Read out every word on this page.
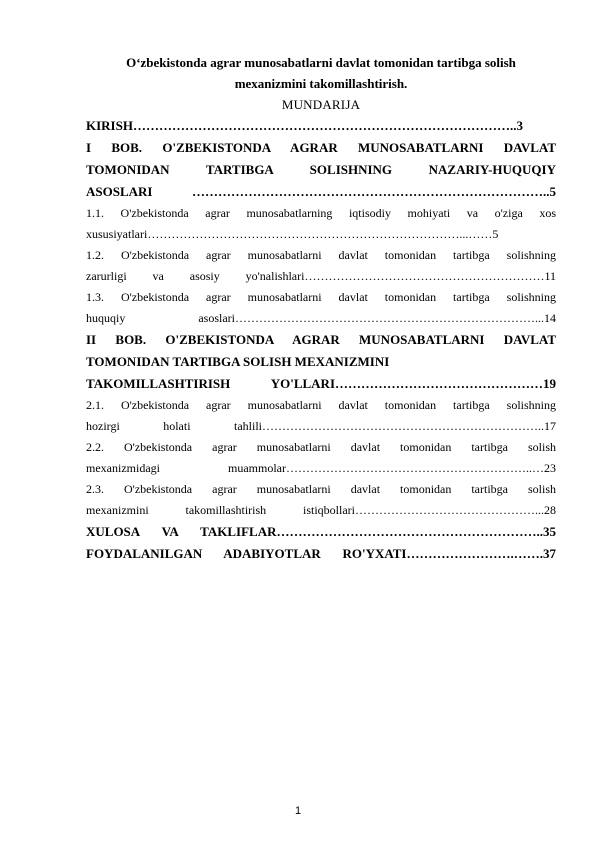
O‘zbekistonda agrar munosabatlarni davlat tomonidan tartibga solish
mexanizmini takomillashtirish.
MUNDARIJA
KIRISH……………………………………………………………………………..3
I BOB. O'ZBEKISTONDA AGRAR MUNOSABATLARNI DAVLAT
TOMONIDAN TARTIBGA SOLISHNING NAZARIY-HUQUQIY
ASOSLARI ………………………………………………………………………..5
1.1. O'zbekistonda agrar munosabatlarning iqtisodiy mohiyati va o'ziga xos
xususiyatlari……………………………………………………………………...……5
1.2. O'zbekistonda agrar munosabatlarni davlat tomonidan tartibga solishning
zarurligi va asosiy yo'nalishlari……………………………………………………11
1.3. O'zbekistonda agrar munosabatlarni davlat tomonidan tartibga solishning
huquqiy asoslari…………………………………………………………………...14
II BOB. O'ZBEKISTONDA AGRAR MUNOSABATLARNI DAVLAT
TOMONIDAN TARTIBGA SOLISH MEXANIZMINI
TAKOMILLASHTIRISH YO'LLARI…………………………………………19
2.1. O'zbekistonda agrar munosabatlarni davlat tomonidan tartibga solishning
hozirgi holati tahlili……………………………………………………………..17
2.2. O'zbekistonda agrar munosabatlarni davlat tomonidan tartibga solish
mexanizmidagi muammolar……………………………………………………..…23
2.3. O'zbekistonda agrar munosabatlarni davlat tomonidan tartibga solish
mexanizmini takomillashtirish istiqbollari………………………………………...28
XULOSA VA TAKLIFLAR……………………………………………………..35
FOYDALANILGAN ADABIYOTLAR RO'YXATI…………………….…….37
1
